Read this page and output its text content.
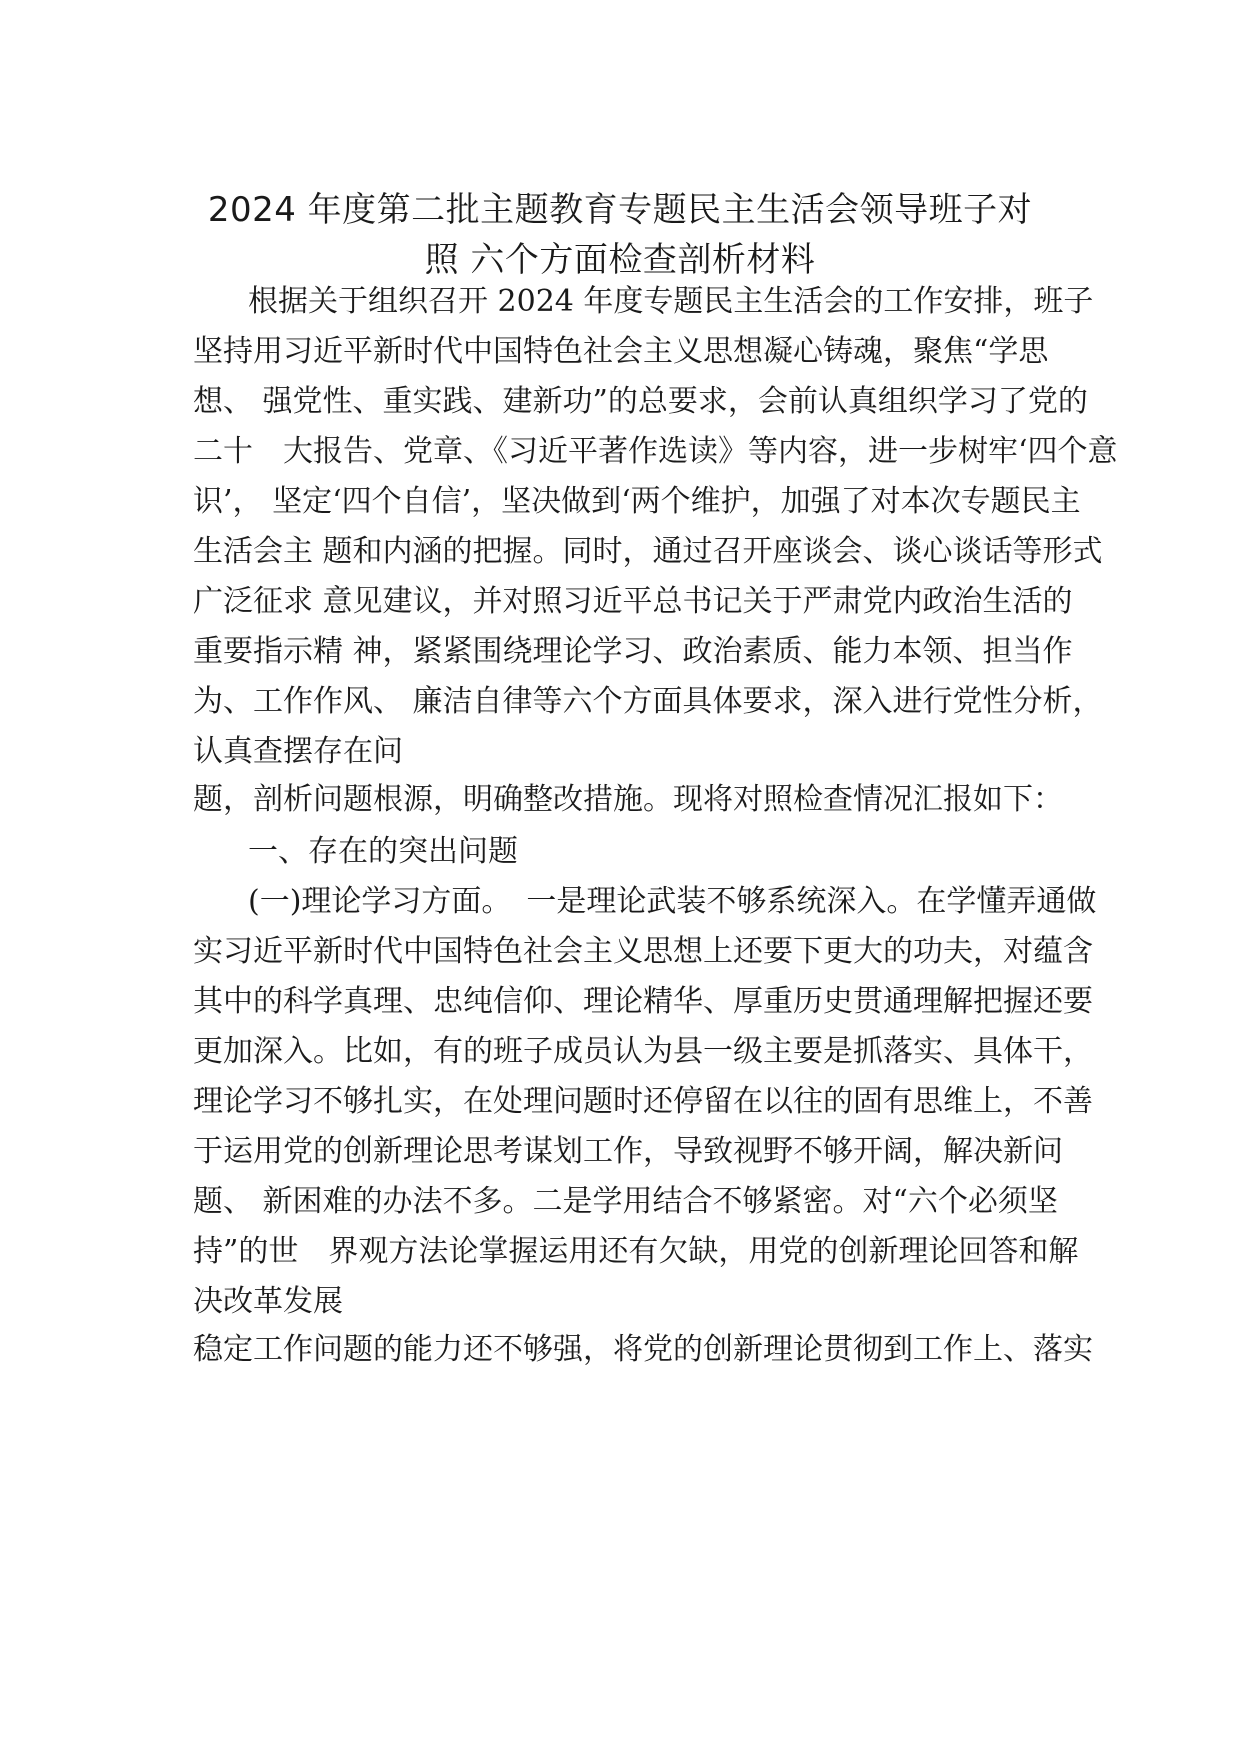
2024 年度第二批主题教育专题民主生活会领导班子对
照 六个方面检查剖析材料
根据关于组织召开 2024 年度专题民主生活会的工作安排，班子
坚持用习近平新时代中国特色社会主义思想凝心铸魂，聚焦“学思
想、 强党性、重实践、建新功”的总要求，会前认真组织学习了党的
二十　大报告、党章、《习近平著作选读》等内容，进一步树牢‘四个意
识’， 坚定‘四个自信’，坚决做到‘两个维护，加强了对本次专题民主
生活会主 题和内涵的把握。同时，通过召开座谈会、谈心谈话等形式
广泛征求 意见建议，并对照习近平总书记关于严肃党内政治生活的
重要指示精 神，紧紧围绕理论学习、政治素质、能力本领、担当作
为、工作作风、 廉洁自律等六个方面具体要求，深入进行党性分析，
认真查摆存在问
题，剖析问题根源，明确整改措施。现将对照检查情况汇报如下：
一、存在的突出问题
(一)理论学习方面。　一是理论武装不够系统深入。在学懂弄通做
实习近平新时代中国特色社会主义思想上还要下更大的功夫，对蕴含
其中的科学真理、忠纯信仰、理论精华、厚重历史贯通理解把握还要
更加深入。比如，有的班子成员认为县一级主要是抓落实、具体干，
理论学习不够扎实，在处理问题时还停留在以往的固有思维上，不善
于运用党的创新理论思考谋划工作，导致视野不够开阔，解决新问
题、 新困难的办法不多。二是学用结合不够紧密。对“六个必须坚
持”的世　界观方法论掌握运用还有欠缺，用党的创新理论回答和解
决改革发展
稳定工作问题的能力还不够强，将党的创新理论贯彻到工作上、落实
